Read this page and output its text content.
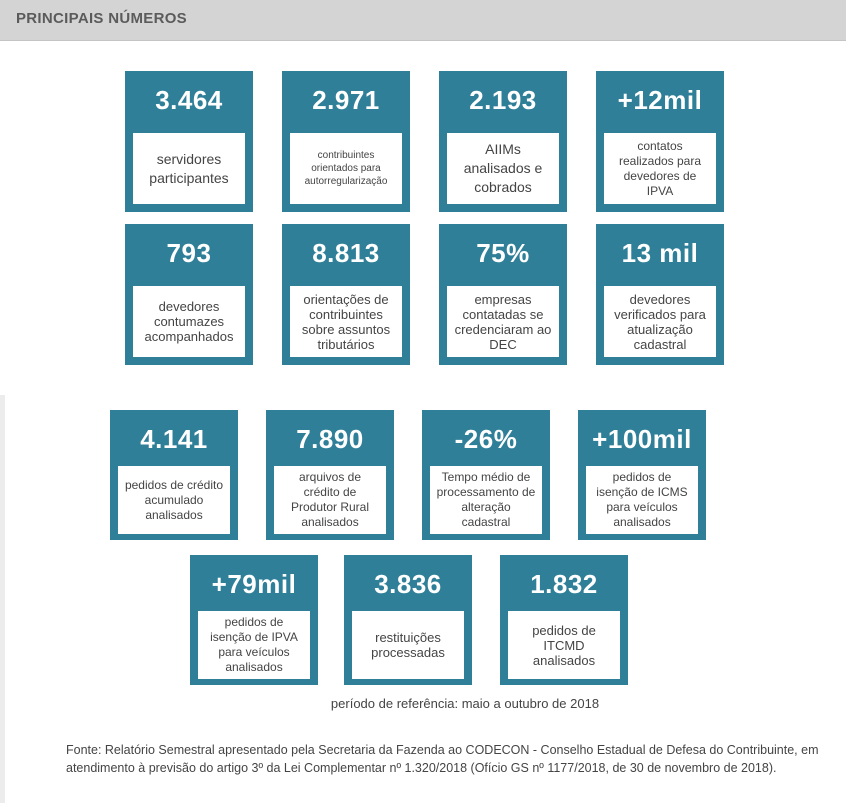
PRINCIPAIS NÚMEROS
3.464
servidores participantes
2.971
contribuintes orientados para autorregularização
2.193
AIIMs analisados e cobrados
+12mil
contatos realizados para devedores de IPVA
793
devedores contumazes acompanhados
8.813
orientações de contribuintes sobre assuntos tributários
75%
empresas contatadas se credenciaram ao DEC
13 mil
devedores verificados para atualização cadastral
4.141
pedidos de crédito acumulado analisados
7.890
arquivos de crédito de Produtor Rural analisados
-26%
Tempo médio de processamento de alteração cadastral
+100mil
pedidos de isenção de ICMS para veículos analisados
+79mil
pedidos de isenção de IPVA para veículos analisados
3.836
restituições processadas
1.832
pedidos de ITCMD analisados
período de referência: maio a outubro de 2018
Fonte: Relatório Semestral apresentado pela Secretaria da Fazenda ao CODECON - Conselho Estadual de Defesa do Contribuinte, em atendimento à previsão do artigo 3º da Lei Complementar nº 1.320/2018 (Ofício GS nº 1177/2018, de 30 de novembro de 2018).
